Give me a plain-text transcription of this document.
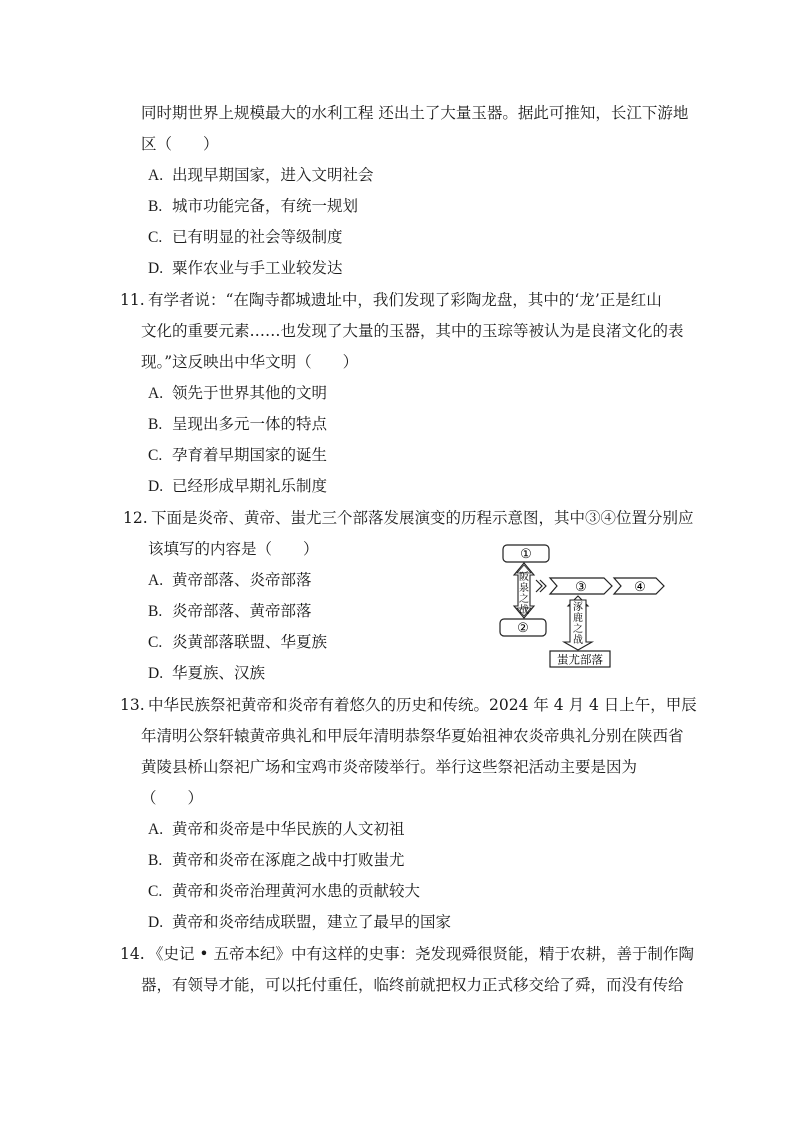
同时期世界上规模最大的水利工程 还出土了大量玉器。据此可推知，长江下游地
区（　　）
A. 出现早期国家，进入文明社会
B. 城市功能完备，有统一规划
C. 已有明显的社会等级制度
D. 粟作农业与手工业较发达
11. 有学者说：“在陶寺都城遗址中，我们发现了彩陶龙盘，其中的‘龙’正是红山
文化的重要元素……也发现了大量的玉器，其中的玉琮等被认为是良渚文化的表
现。”这反映出中华文明（　　）
A. 领先于世界其他的文明
B. 呈现出多元一体的特点
C. 孕育着早期国家的诞生
D. 已经形成早期礼乐制度
12. 下面是炎帝、黄帝、蚩尤三个部落发展演变的历程示意图，其中③④位置分别应
该填写的内容是（　　）
A. 黄帝部落、炎帝部落
B. 炎帝部落、黄帝部落
C. 炎黄部落联盟、华夏族
D. 华夏族、汉族
①
②
阪
泉
之
战
③	④
涿
鹿
之
战
蚩尤部落
13. 中华民族祭祀黄帝和炎帝有着悠久的历史和传统。2024 年 4 月 4 日上午，甲辰
年清明公祭轩辕黄帝典礼和甲辰年清明恭祭华夏始祖神农炎帝典礼分别在陕西省
黄陵县桥山祭祀广场和宝鸡市炎帝陵举行。举行这些祭祀活动主要是因为
（　　）
A. 黄帝和炎帝是中华民族的人文初祖
B. 黄帝和炎帝在涿鹿之战中打败蚩尤
C. 黄帝和炎帝治理黄河水患的贡献较大
D. 黄帝和炎帝结成联盟，建立了最早的国家
14. 《史记 • 五帝本纪》中有这样的史事：尧发现舜很贤能，精于农耕，善于制作陶
器，有领导才能，可以托付重任，临终前就把权力正式移交给了舜，而没有传给
